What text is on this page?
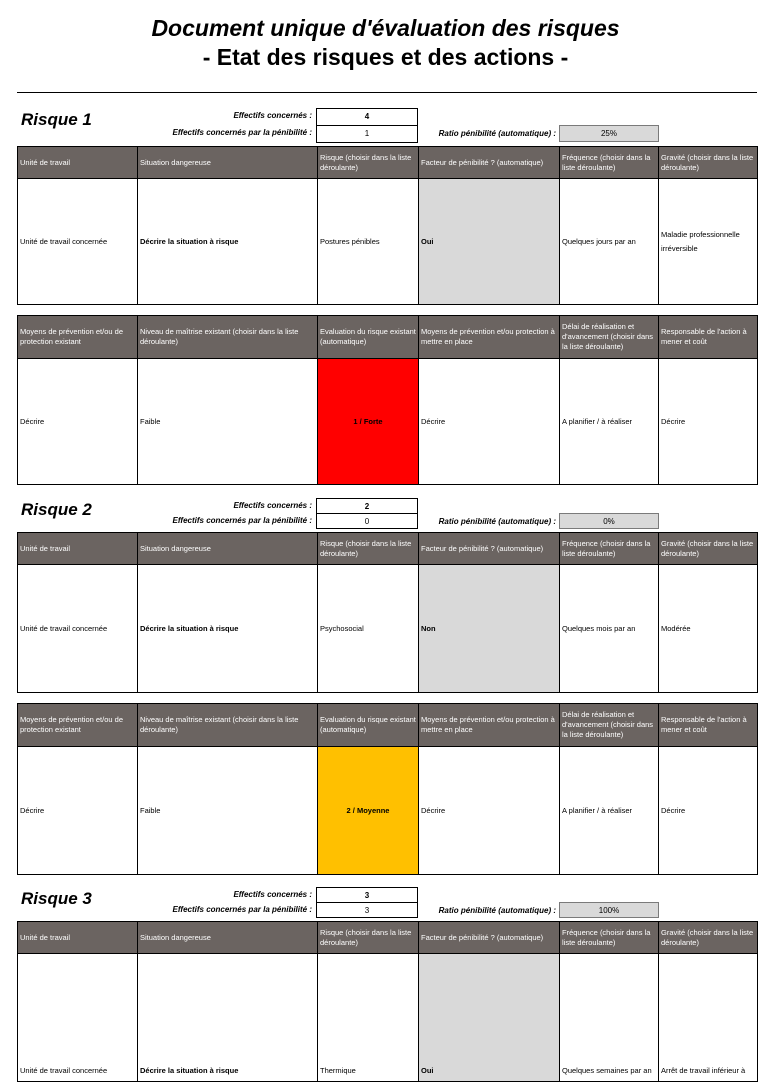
Document unique d'évaluation des risques
- Etat des risques et des actions -
Risque 1	Effectifs concernés :	4
Effectifs concernés par la pénibilité :	1	Ratio pénibilité (automatique) :	25%
Unité de travail	Situation dangereuse	Risque (choisir dans la liste déroulante)	Facteur de pénibilité ? (automatique)	Fréquence (choisir dans la liste déroulante)	Gravité (choisir dans la liste déroulante)
Unité de travail concernée	Décrire la situation à risque	Postures pénibles	Oui	Quelques jours par an	Maladie professionnelle irréversible
Moyens de prévention et/ou de protection existant	Niveau de maîtrise existant (choisir dans la liste déroulante)	Evaluation du risque existant (automatique)	Moyens de prévention et/ou protection à mettre en place	Délai de réalisation et d'avancement (choisir dans la liste déroulante)	Responsable de l'action à mener et coût
Décrire	Faible	1 / Forte	Décrire	A planifier / à réaliser	Décrire
Risque 2	Effectifs concernés :	2
Effectifs concernés par la pénibilité :	0	Ratio pénibilité (automatique) :	0%
Unité de travail	Situation dangereuse	Risque (choisir dans la liste déroulante)	Facteur de pénibilité ? (automatique)	Fréquence (choisir dans la liste déroulante)	Gravité (choisir dans la liste déroulante)
Unité de travail concernée	Décrire la situation à risque	Psychosocial	Non	Quelques mois par an	Modérée
Moyens de prévention et/ou de protection existant	Niveau de maîtrise existant (choisir dans la liste déroulante)	Evaluation du risque existant (automatique)	Moyens de prévention et/ou protection à mettre en place	Délai de réalisation et d'avancement (choisir dans la liste déroulante)	Responsable de l'action à mener et coût
Décrire	Faible	2 / Moyenne	Décrire	A planifier / à réaliser	Décrire
Risque 3	Effectifs concernés :	3
Effectifs concernés par la pénibilité :	3	Ratio pénibilité (automatique) :	100%
Unité de travail	Situation dangereuse	Risque (choisir dans la liste déroulante)	Facteur de pénibilité ? (automatique)	Fréquence (choisir dans la liste déroulante)	Gravité (choisir dans la liste déroulante)
Unité de travail concernée	Décrire la situation à risque	Thermique	Oui	Quelques semaines par an	Arrêt de travail inférieur à
